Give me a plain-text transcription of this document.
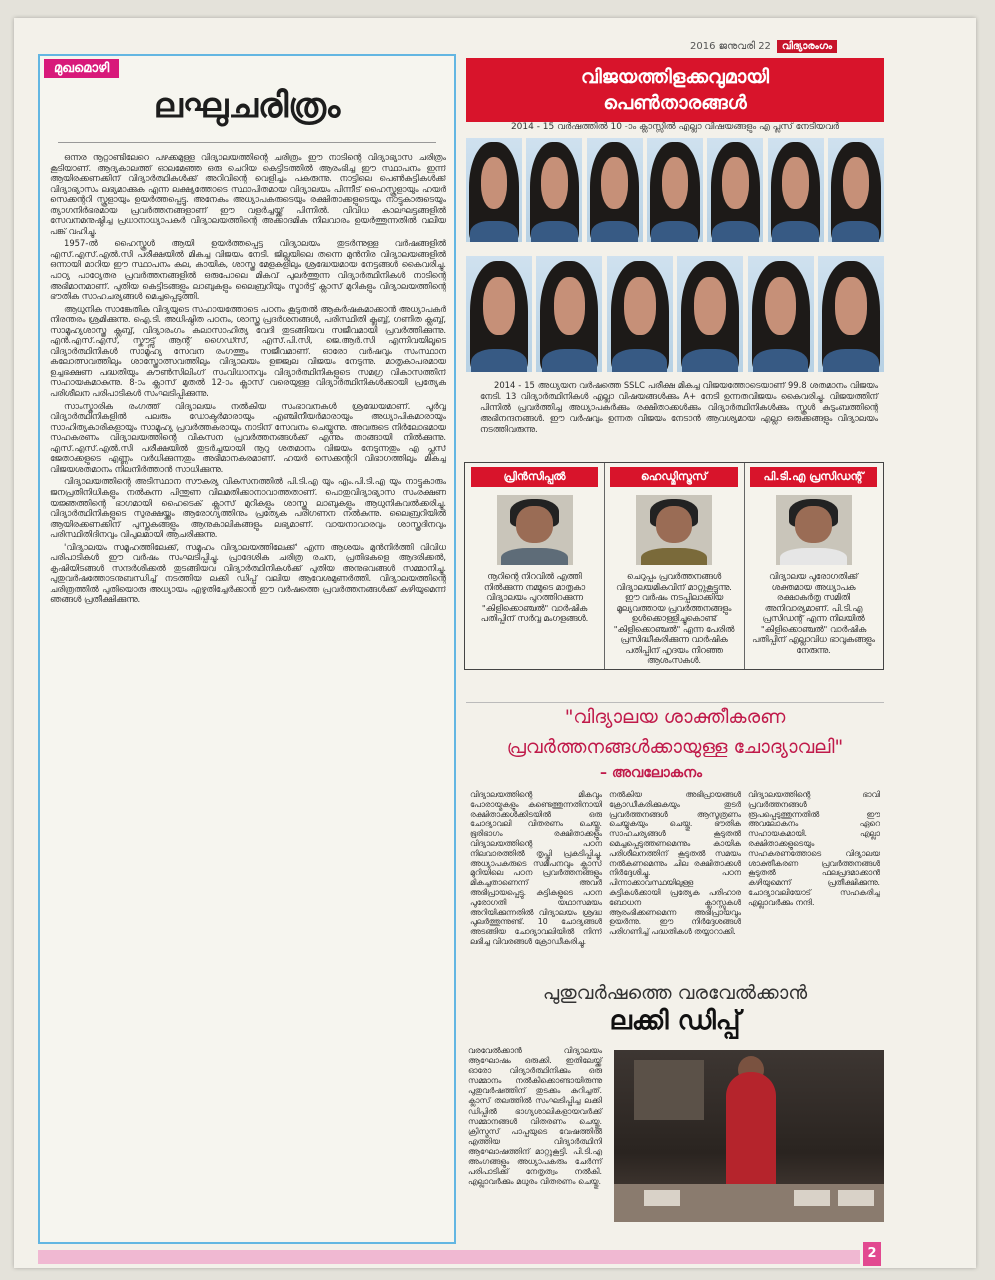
2016 ജനുവരി 22	വിദ്യാരംഗം
മുഖമൊഴി
ലഘുചരിത്രം

ഒന്നര നൂറ്റാണ്ടിലേറെ പഴക്കമുള്ള വിദ്യാലയത്തിന്റെ ചരിത്രം ഈ നാടിന്റെ വിദ്യാഭ്യാസ ചരിത്രം കൂടിയാണ്. ആദ്യകാലത്ത് ഓലമേഞ്ഞ ഒരു ചെറിയ കെട്ടിടത്തിൽ ആരംഭിച്ച ഈ സ്ഥാപനം ഇന്ന് ആയിരക്കണക്കിന് വിദ്യാർത്ഥികൾക്ക് അറിവിന്റെ വെളിച്ചം പകരുന്നു. നാട്ടിലെ പെൺകുട്ടികൾക്ക് വിദ്യാഭ്യാസം ലഭ്യമാക്കുക എന്ന ലക്ഷ്യത്തോടെ സ്ഥാപിതമായ വിദ്യാലയം പിന്നീട് ഹൈസ്കൂളായും ഹയർ സെക്കന്ററി സ്കൂളായും ഉയർത്തപ്പെട്ടു. അനേകം അധ്യാപകരുടെയും രക്ഷിതാക്കളുടെയും നാട്ടുകാരുടെയും ത്യാഗനിർഭരമായ പ്രവർത്തനങ്ങളാണ് ഈ വളർച്ചയ്ക്ക് പിന്നിൽ. വിവിധ കാലഘട്ടങ്ങളിൽ സേവനമനുഷ്ഠിച്ച പ്രധാനാധ്യാപകർ വിദ്യാലയത്തിന്റെ അക്കാദമിക നിലവാരം ഉയർത്തുന്നതിൽ വലിയ പങ്ക് വഹിച്ചു.

1957-ൽ ഹൈസ്കൂൾ ആയി ഉയർത്തപ്പെട്ട വിദ്യാലയം തുടർന്നുള്ള വർഷങ്ങളിൽ എസ്.എസ്.എൽ.സി പരീക്ഷയിൽ മികച്ച വിജയം നേടി. ജില്ലയിലെ തന്നെ മുൻനിര വിദ്യാലയങ്ങളിൽ ഒന്നായി മാറിയ ഈ സ്ഥാപനം കല, കായിക, ശാസ്ത്ര മേളകളിലും ശ്രദ്ധേയമായ നേട്ടങ്ങൾ കൈവരിച്ചു. പാഠ്യ പാഠ്യേതര പ്രവർത്തനങ്ങളിൽ ഒരുപോലെ മികവ് പുലർത്തുന്ന വിദ്യാർത്ഥിനികൾ നാടിന്റെ അഭിമാനമാണ്. പുതിയ കെട്ടിടങ്ങളും ലാബുകളും ലൈബ്രറിയും സ്മാർട്ട് ക്ലാസ് മുറികളും വിദ്യാലയത്തിന്റെ ഭൗതിക സാഹചര്യങ്ങൾ മെച്ചപ്പെടുത്തി.

ആധുനിക സാങ്കേതിക വിദ്യയുടെ സഹായത്തോടെ പഠനം കൂടുതൽ ആകർഷകമാക്കാൻ അധ്യാപകർ നിരന്തരം ശ്രമിക്കുന്നു. ഐ.ടി. അധിഷ്ഠിത പഠനം, ശാസ്ത്ര പ്രദർശനങ്ങൾ, പരിസ്ഥിതി ക്ലബ്ബ്, ഗണിത ക്ലബ്ബ്, സാമൂഹ്യശാസ്ത്ര ക്ലബ്ബ്, വിദ്യാരംഗം കലാസാഹിത്യ വേദി തുടങ്ങിയവ സജീവമായി പ്രവർത്തിക്കുന്നു. എൻ.എസ്.എസ്, സ്കൗട്ട്സ് ആന്റ് ഗൈഡ്സ്, എസ്.പി.സി, ജെ.ആർ.സി എന്നിവയിലൂടെ വിദ്യാർത്ഥിനികൾ സാമൂഹ്യ സേവന രംഗത്തും സജീവമാണ്. ഓരോ വർഷവും സംസ്ഥാന കലോത്സവത്തിലും ശാസ്ത്രോത്സവത്തിലും വിദ്യാലയം ഉജ്ജ്വല വിജയം നേടുന്നു. മാതൃകാപരമായ ഉച്ചഭക്ഷണ പദ്ധതിയും കൗൺസിലിംഗ് സംവിധാനവും വിദ്യാർത്ഥിനികളുടെ സമഗ്ര വികാസത്തിന് സഹായകമാകുന്നു. 8-ാം ക്ലാസ് മുതൽ 12-ാം ക്ലാസ് വരെയുള്ള വിദ്യാർത്ഥിനികൾക്കായി പ്രത്യേക പരിശീലന പരിപാടികൾ സംഘടിപ്പിക്കുന്നു.

സാംസ്കാരിക രംഗത്ത് വിദ്യാലയം നൽകിയ സംഭാവനകൾ ശ്രദ്ധേയമാണ്. പൂർവ്വ വിദ്യാർത്ഥിനികളിൽ പലരും ഡോക്ടർമാരായും എഞ്ചിനീയർമാരായും അധ്യാപികമാരായും സാഹിത്യകാരികളായും സാമൂഹ്യ പ്രവർത്തകരായും നാടിന് സേവനം ചെയ്യുന്നു. അവരുടെ നിർലോഭമായ സഹകരണം വിദ്യാലയത്തിന്റെ വികസന പ്രവർത്തനങ്ങൾക്ക് എന്നും താങ്ങായി നിൽക്കുന്നു. എസ്.എസ്.എൽ.സി പരീക്ഷയിൽ തുടർച്ചയായി നൂറു ശതമാനം വിജയം നേടുന്നതും എ പ്ലസ് ജേതാക്കളുടെ എണ്ണം വർധിക്കുന്നതും അഭിമാനകരമാണ്. ഹയർ സെക്കന്ററി വിഭാഗത്തിലും മികച്ച വിജയശതമാനം നിലനിർത്താൻ സാധിക്കുന്നു.

വിദ്യാലയത്തിന്റെ അടിസ്ഥാന സൗകര്യ വികസനത്തിൽ പി.ടി.എ യും എം.പി.ടി.എ യും നാട്ടുകാരും ജനപ്രതിനിധികളും നൽകുന്ന പിന്തുണ വിലമതിക്കാനാവാത്തതാണ്. പൊതുവിദ്യാഭ്യാസ സംരക്ഷണ യജ്ഞത്തിന്റെ ഭാഗമായി ഹൈടെക് ക്ലാസ് മുറികളും ശാസ്ത്ര ലാബുകളും ആധുനികവൽക്കരിച്ചു. വിദ്യാർത്ഥിനികളുടെ സുരക്ഷയ്ക്കും ആരോഗ്യത്തിനും പ്രത്യേക പരിഗണന നൽകുന്നു. ലൈബ്രറിയിൽ ആയിരക്കണക്കിന് പുസ്തകങ്ങളും ആനുകാലികങ്ങളും ലഭ്യമാണ്. വായനാവാരവും ശാസ്ത്രദിനവും പരിസ്ഥിതിദിനവും വിപുലമായി ആചരിക്കുന്നു.

'വിദ്യാലയം സമൂഹത്തിലേക്ക്, സമൂഹം വിദ്യാലയത്തിലേക്ക്' എന്ന ആശയം മുൻനിർത്തി വിവിധ പരിപാടികൾ ഈ വർഷം സംഘടിപ്പിച്ചു. പ്രാദേശിക ചരിത്ര രചന, പ്രതിഭകളെ ആദരിക്കൽ, കൃഷിയിടങ്ങൾ സന്ദർശിക്കൽ തുടങ്ങിയവ വിദ്യാർത്ഥിനികൾക്ക് പുതിയ അനുഭവങ്ങൾ സമ്മാനിച്ചു. പുതുവർഷത്തോടനുബന്ധിച്ച് നടത്തിയ ലക്കി ഡിപ്പ് വലിയ ആവേശമുണർത്തി. വിദ്യാലയത്തിന്റെ ചരിത്രത്തിൽ പുതിയൊരു അധ്യായം എഴുതിച്ചേർക്കാൻ ഈ വർഷത്തെ പ്രവർത്തനങ്ങൾക്ക് കഴിയുമെന്ന് ഞങ്ങൾ പ്രതീക്ഷിക്കുന്നു.

വിജയത്തിളക്കവുമായി
പെൺതാരങ്ങൾ
2014 - 15 വർഷത്തിൽ 10 -ാം ക്ലാസ്സിൽ എല്ലാ വിഷയങ്ങളും എ പ്ലസ് നേടിയവർ
2014 - 15 അധ്യയന വർഷത്തെ SSLC പരീക്ഷ മികച്ച വിജയത്തോടെയാണ് 99.8 ശതമാനം വിജയം നേടി. 13 വിദ്യാർത്ഥിനികൾ എല്ലാ വിഷയങ്ങൾക്കും A+ നേടി ഉന്നതവിജയം കൈവരിച്ചു. വിജയത്തിന് പിന്നിൽ പ്രവർത്തിച്ച അധ്യാപകർക്കും രക്ഷിതാക്കൾക്കും വിദ്യാർത്ഥിനികൾക്കും സ്കൂൾ കുടുംബത്തിന്റെ അഭിനന്ദനങ്ങൾ. ഈ വർഷവും ഉന്നത വിജയം നേടാൻ ആവശ്യമായ എല്ലാ ഒരുക്കങ്ങളും വിദ്യാലയം നടത്തിവരുന്നു.
പ്രിൻസിപ്പൽ
നൂറിന്റെ നിറവിൽ എത്തി നിൽക്കുന്ന നമ്മുടെ മാതൃകാ വിദ്യാലയം പുറത്തിറക്കുന്ന "കിളിക്കൊഞ്ചൽ" വാർഷിക പതിപ്പിന് സർവ്വ മംഗളങ്ങൾ.
ഹെഡ്മിസ്ട്രസ്
ചെറുപ്പം പ്രവർത്തനങ്ങൾ വിദ്യാലയമികവിന് മാറ്റുകൂട്ടുന്നു. ഈ വർഷം നടപ്പിലാക്കിയ മൂല്യവത്തായ പ്രവർത്തനങ്ങളും ഉൾക്കൊള്ളിച്ചുകൊണ്ട് "കിളിക്കൊഞ്ചൽ" എന്ന പേരിൽ പ്രസിദ്ധീകരിക്കുന്ന വാർഷിക പതിപ്പിന് ഹൃദയം നിറഞ്ഞ ആശംസകൾ.
പി.ടി.എ പ്രസിഡന്റ്
വിദ്യാലയ പുരോഗതിക്ക് ശക്തമായ അധ്യാപക രക്ഷാകർതൃ സമിതി അനിവാര്യമാണ്. പി.ടി.എ പ്രസിഡന്റ് എന്ന നിലയിൽ "കിളിക്കൊഞ്ചൽ" വാർഷിക പതിപ്പിന് എല്ലാവിധ ഭാവുകങ്ങളും നേരുന്നു.
"വിദ്യാലയ ശാക്തീകരണ
പ്രവർത്തനങ്ങൾക്കായുള്ള ചോദ്യാവലി"
– അവലോകനം
വിദ്യാലയത്തിന്റെ മികവും പോരായ്മകളും കണ്ടെത്തുന്നതിനായി രക്ഷിതാക്കൾക്കിടയിൽ ഒരു ചോദ്യാവലി വിതരണം ചെയ്തു. ഭൂരിഭാഗം രക്ഷിതാക്കളും വിദ്യാലയത്തിന്റെ പഠന നിലവാരത്തിൽ തൃപ്തി പ്രകടിപ്പിച്ചു. അധ്യാപകരുടെ സമീപനവും ക്ലാസ് മുറിയിലെ പഠന പ്രവർത്തനങ്ങളും മികച്ചതാണെന്ന് അവർ അഭിപ്രായപ്പെട്ടു. കുട്ടികളുടെ പഠന പുരോഗതി യഥാസമയം അറിയിക്കുന്നതിൽ വിദ്യാലയം ശ്രദ്ധ പുലർത്തുന്നുണ്ട്. 10 ചോദ്യങ്ങൾ അടങ്ങിയ ചോദ്യാവലിയിൽ നിന്ന് ലഭിച്ച വിവരങ്ങൾ ക്രോഡീകരിച്ചു.
നൽകിയ അഭിപ്രായങ്ങൾ ക്രോഡീകരിക്കുകയും തുടർ പ്രവർത്തനങ്ങൾ ആസൂത്രണം ചെയ്യുകയും ചെയ്തു. ഭൗതിക സാഹചര്യങ്ങൾ കൂടുതൽ മെച്ചപ്പെടുത്തണമെന്നും കായിക പരിശീലനത്തിന് കൂടുതൽ സമയം നൽകണമെന്നും ചില രക്ഷിതാക്കൾ നിർദ്ദേശിച്ചു. പഠന പിന്നാക്കാവസ്ഥയിലുള്ള കുട്ടികൾക്കായി പ്രത്യേക പരിഹാര ബോധന ക്ലാസ്സുകൾ ആരംഭിക്കണമെന്ന അഭിപ്രായവും ഉയർന്നു. ഈ നിർദ്ദേശങ്ങൾ പരിഗണിച്ച് പദ്ധതികൾ തയ്യാറാക്കി.
വിദ്യാലയത്തിന്റെ ഭാവി പ്രവർത്തനങ്ങൾ രൂപപ്പെടുത്തുന്നതിൽ ഈ അവലോകനം ഏറെ സഹായകമായി. എല്ലാ രക്ഷിതാക്കളുടെയും സഹകരണത്തോടെ വിദ്യാലയ ശാക്തീകരണ പ്രവർത്തനങ്ങൾ കൂടുതൽ ഫലപ്രദമാക്കാൻ കഴിയുമെന്ന് പ്രതീക്ഷിക്കുന്നു. ചോദ്യാവലിയോട് സഹകരിച്ച എല്ലാവർക്കും നന്ദി.
പുതുവർഷത്തെ വരവേൽക്കാൻ
ലക്കി ഡിപ്പ്
വരവേൽക്കാൻ വിദ്യാലയം ആഘോഷം ഒരുക്കി. ഇതിലേയ്ക്ക് ഓരോ വിദ്യാർത്ഥിനിക്കും ഒരു സമ്മാനം നൽകിക്കൊണ്ടായിരുന്നു പുതുവർഷത്തിന് തുടക്കം കുറിച്ചത്. ക്ലാസ് തലത്തിൽ സംഘടിപ്പിച്ച ലക്കി ഡിപ്പിൽ ഭാഗ്യശാലികളായവർക്ക് സമ്മാനങ്ങൾ വിതരണം ചെയ്തു. ക്രിസ്മസ് പാപ്പയുടെ വേഷത്തിൽ എത്തിയ വിദ്യാർത്ഥിനി ആഘോഷത്തിന് മാറ്റുകൂട്ടി. പി.ടി.എ അംഗങ്ങളും അധ്യാപകരും ചേർന്ന് പരിപാടിക്ക് നേതൃത്വം നൽകി. എല്ലാവർക്കും മധുരം വിതരണം ചെയ്തു.
2
